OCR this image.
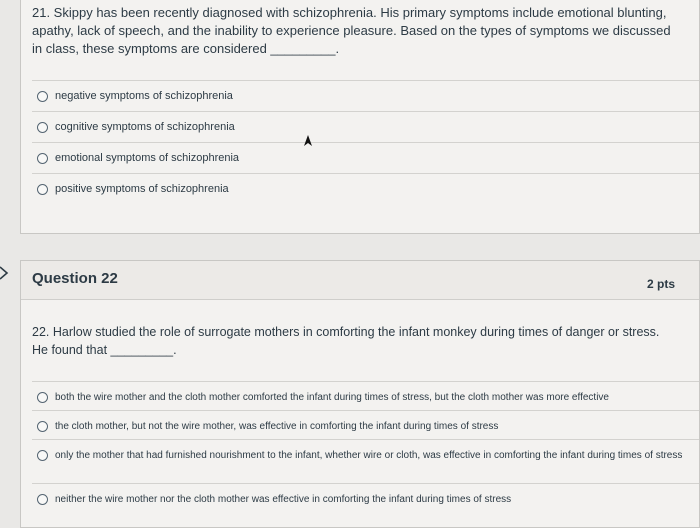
21. Skippy has been recently diagnosed with schizophrenia. His primary symptoms include emotional blunting, apathy, lack of speech, and the inability to experience pleasure. Based on the types of symptoms we discussed in class, these symptoms are considered _________.
negative symptoms of schizophrenia
cognitive symptoms of schizophrenia
emotional symptoms of schizophrenia
positive symptoms of schizophrenia
Question 22	2 pts
22. Harlow studied the role of surrogate mothers in comforting the infant monkey during times of danger or stress. He found that _________.
both the wire mother and the cloth mother comforted the infant during times of stress, but the cloth mother was more effective
the cloth mother, but not the wire mother, was effective in comforting the infant during times of stress
only the mother that had furnished nourishment to the infant, whether wire or cloth, was effective in comforting the infant during times of stress
neither the wire mother nor the cloth mother was effective in comforting the infant during times of stress
